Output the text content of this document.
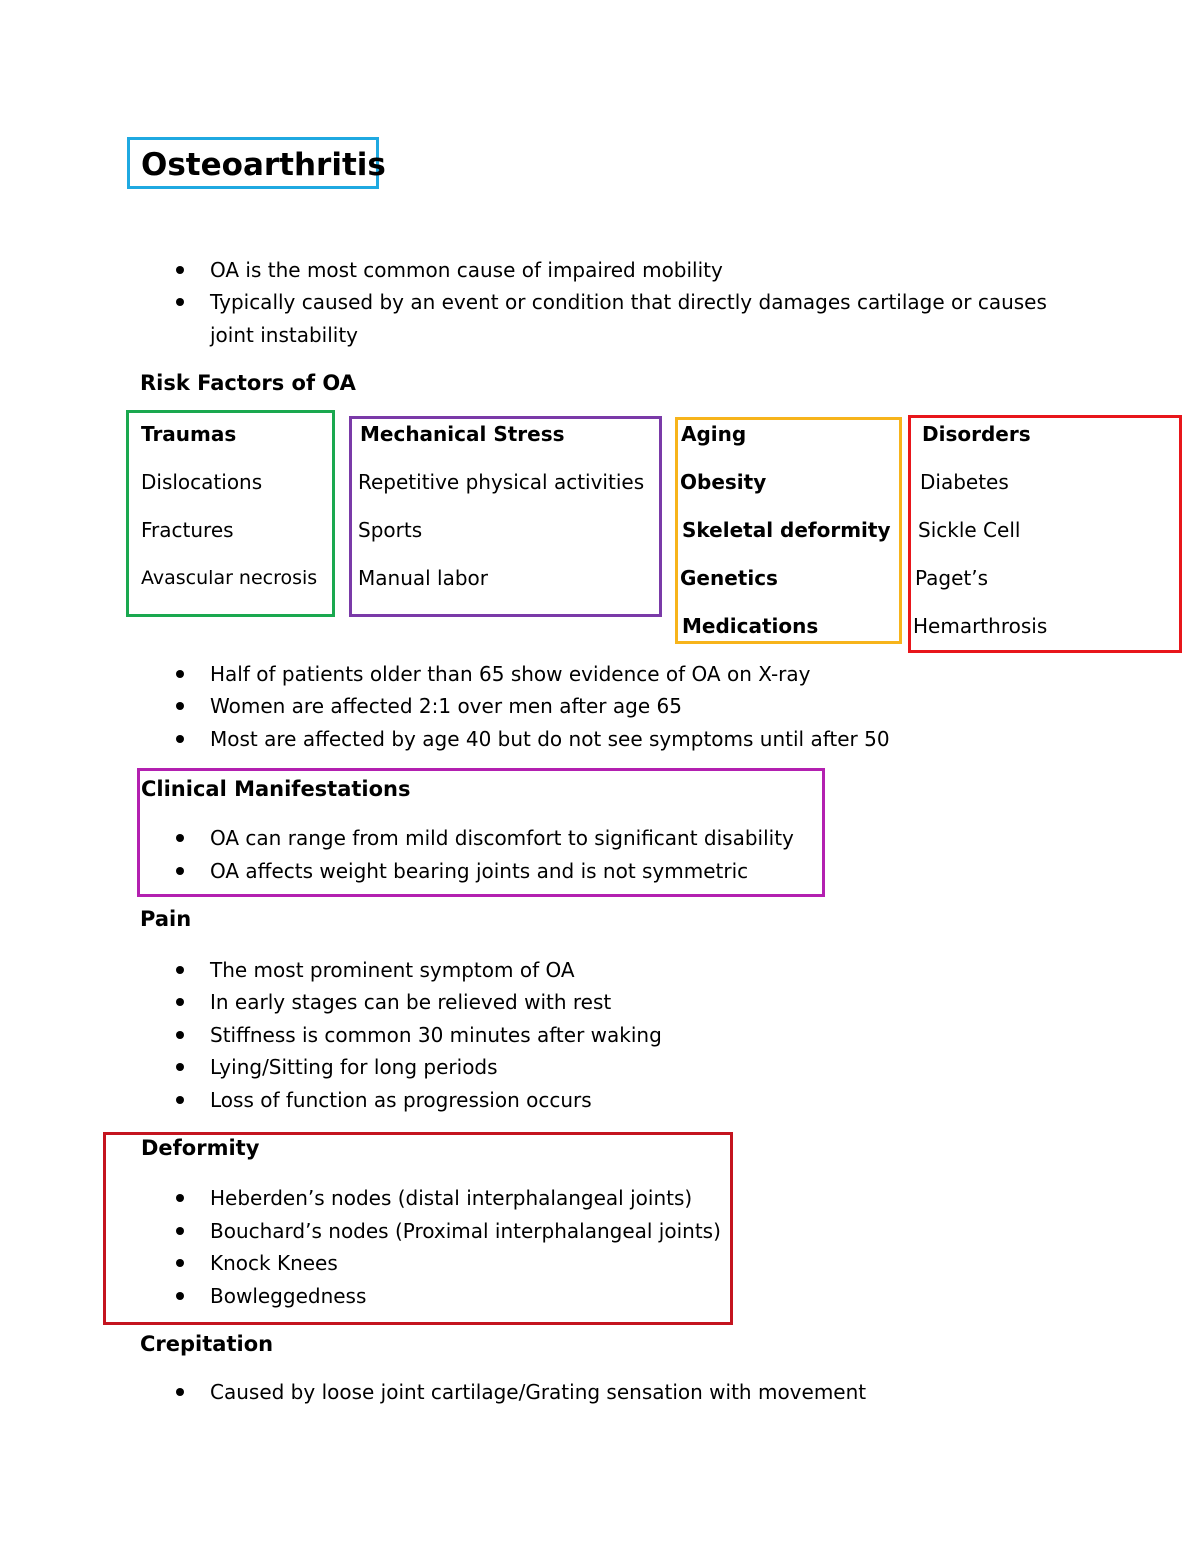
Osteoarthritis
OA is the most common cause of impaired mobility
Typically caused by an event or condition that directly damages cartilage or causes
joint instability
Risk Factors of OA
Traumas
Dislocations
Fractures
Avascular necrosis
Mechanical Stress
Repetitive physical activities
Sports
Manual labor
Aging
Obesity
Skeletal deformity
Genetics
Medications
Disorders
Diabetes
Sickle Cell
Paget’s
Hemarthrosis
Half of patients older than 65 show evidence of OA on X-ray
Women are affected 2:1 over men after age 65
Most are affected by age 40 but do not see symptoms until after 50
Clinical Manifestations
OA can range from mild discomfort to significant disability
OA affects weight bearing joints and is not symmetric
Pain
The most prominent symptom of OA
In early stages can be relieved with rest
Stiffness is common 30 minutes after waking
Lying/Sitting for long periods
Loss of function as progression occurs
Deformity
Heberden’s nodes (distal interphalangeal joints)
Bouchard’s nodes (Proximal interphalangeal joints)
Knock Knees
Bowleggedness
Crepitation
Caused by loose joint cartilage/Grating sensation with movement
